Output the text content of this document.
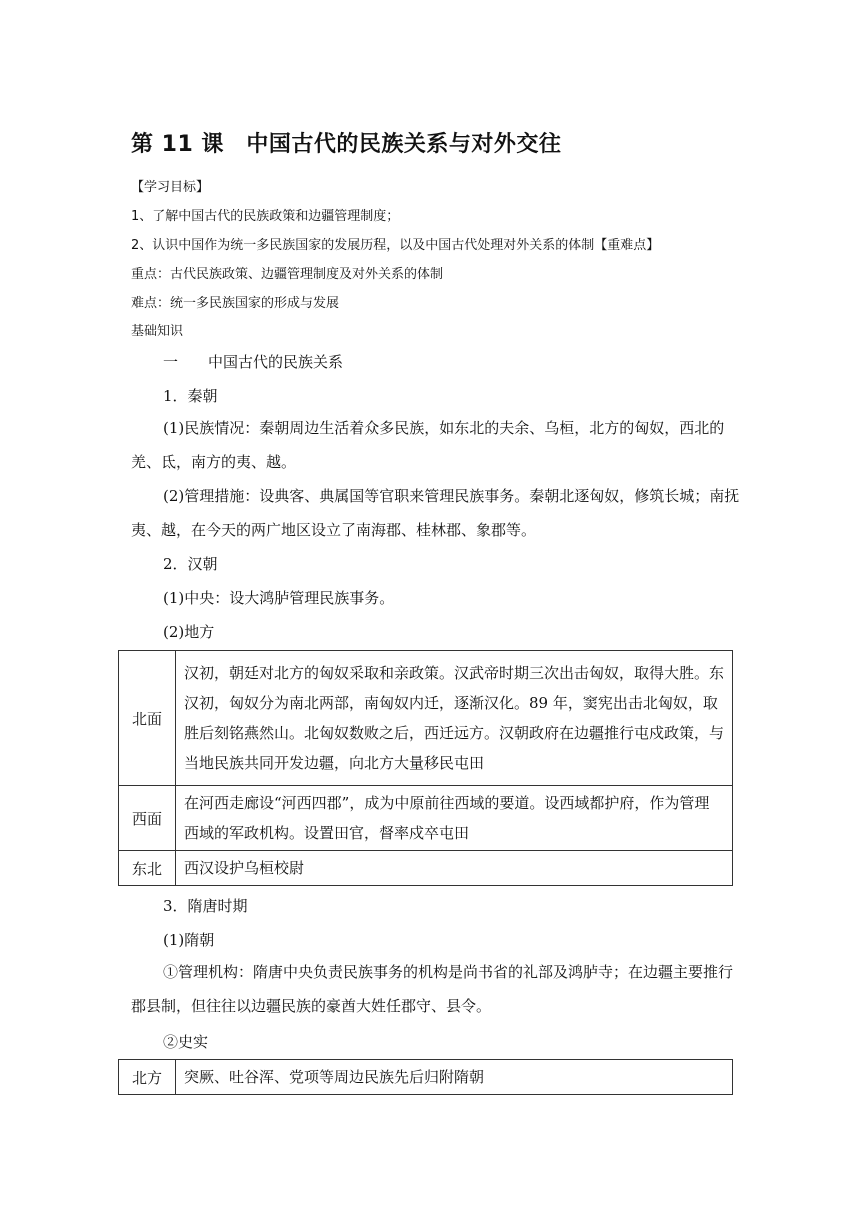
第 11 课　中国古代的民族关系与对外交往
【学习目标】
1、了解中国古代的民族政策和边疆管理制度；
2、认识中国作为统一多民族国家的发展历程，以及中国古代处理对外关系的体制【重难点】
重点：古代民族政策、边疆管理制度及对外关系的体制
难点：统一多民族国家的形成与发展
基础知识
一　　中国古代的民族关系
1．秦朝
(1)民族情况：秦朝周边生活着众多民族，如东北的夫余、乌桓，北方的匈奴，西北的羌、氐，南方的夷、越。
(2)管理措施：设典客、典属国等官职来管理民族事务。秦朝北逐匈奴，修筑长城；南抚夷、越，在今天的两广地区设立了南海郡、桂林郡、象郡等。
2．汉朝
(1)中央：设大鸿胪管理民族事务。
(2)地方
北面	汉初，朝廷对北方的匈奴采取和亲政策。汉武帝时期三次出击匈奴，取得大胜。东汉初，匈奴分为南北两部，南匈奴内迁，逐渐汉化。89 年，窦宪出击北匈奴，取胜后刻铭燕然山。北匈奴数败之后，西迁远方。汉朝政府在边疆推行屯戍政策，与当地民族共同开发边疆，向北方大量移民屯田
西面	在河西走廊设“河西四郡”，成为中原前往西域的要道。设西域都护府，作为管理西域的军政机构。设置田官，督率戍卒屯田
东北	西汉设护乌桓校尉
3．隋唐时期
(1)隋朝
①管理机构：隋唐中央负责民族事务的机构是尚书省的礼部及鸿胪寺；在边疆主要推行郡县制，但往往以边疆民族的豪酋大姓任郡守、县令。
②史实
北方	突厥、吐谷浑、党项等周边民族先后归附隋朝
